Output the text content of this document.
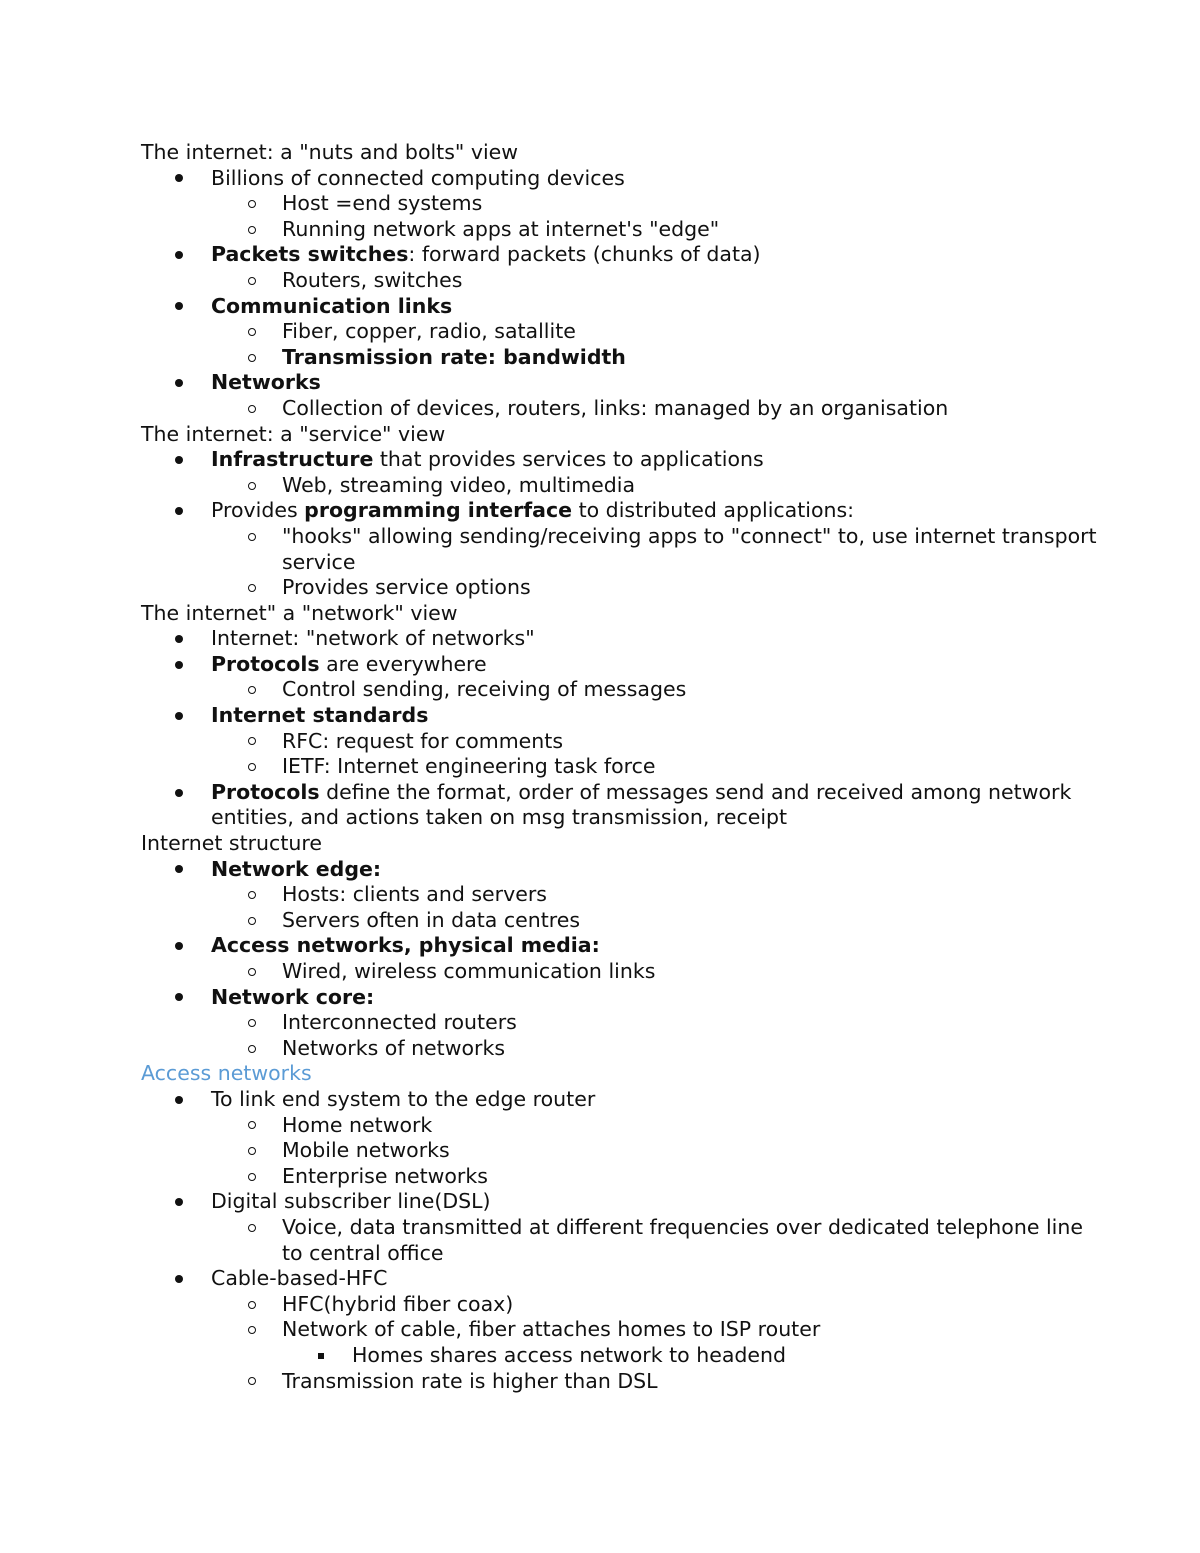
The internet: a "nuts and bolts" view
Billions of connected computing devices
Host =end systems
Running network apps at internet's "edge"
Packets switches: forward packets (chunks of data)
Routers, switches
Communication links
Fiber, copper, radio, satallite
Transmission rate: bandwidth
Networks
Collection of devices, routers, links: managed by an organisation
The internet: a "service" view
Infrastructure that provides services to applications
Web, streaming video, multimedia
Provides programming interface to distributed applications:
"hooks" allowing sending/receiving apps to "connect" to, use internet transport service
Provides service options
The internet" a "network" view
Internet: "network of networks"
Protocols are everywhere
Control sending, receiving of messages
Internet standards
RFC: request for comments
IETF: Internet engineering task force
Protocols define the format, order of messages send and received among network entities, and actions taken on msg transmission, receipt
Internet structure
Network edge:
Hosts: clients and servers
Servers often in data centres
Access networks, physical media:
Wired, wireless communication links
Network core:
Interconnected routers
Networks of networks
Access networks
To link end system to the edge router
Home network
Mobile networks
Enterprise networks
Digital subscriber line(DSL)
Voice, data transmitted at different frequencies over dedicated telephone line to central office
Cable-based-HFC
HFC(hybrid fiber coax)
Network of cable, fiber attaches homes to ISP router
Homes shares access network to headend
Transmission rate is higher than DSL
